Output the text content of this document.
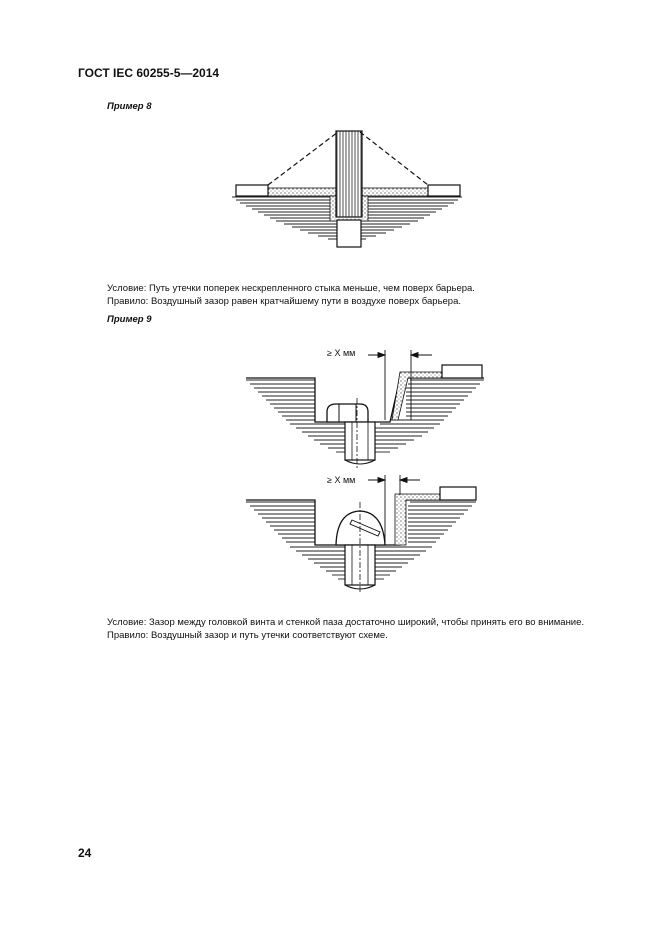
ГОСТ IEC 60255-5—2014
Пример 8
≥ X мм
≥ X мм
Условие: Путь утечки поперек нескрепленного стыка меньше, чем поверх барьера.
Правило: Воздушный зазор равен кратчайшему пути в воздухе поверх барьера.
Пример 9
Условие: Зазор между головкой винта и стенкой паза достаточно широкий, чтобы принять его во внимание.
Правило: Воздушный зазор и путь утечки соответствуют схеме.
24
